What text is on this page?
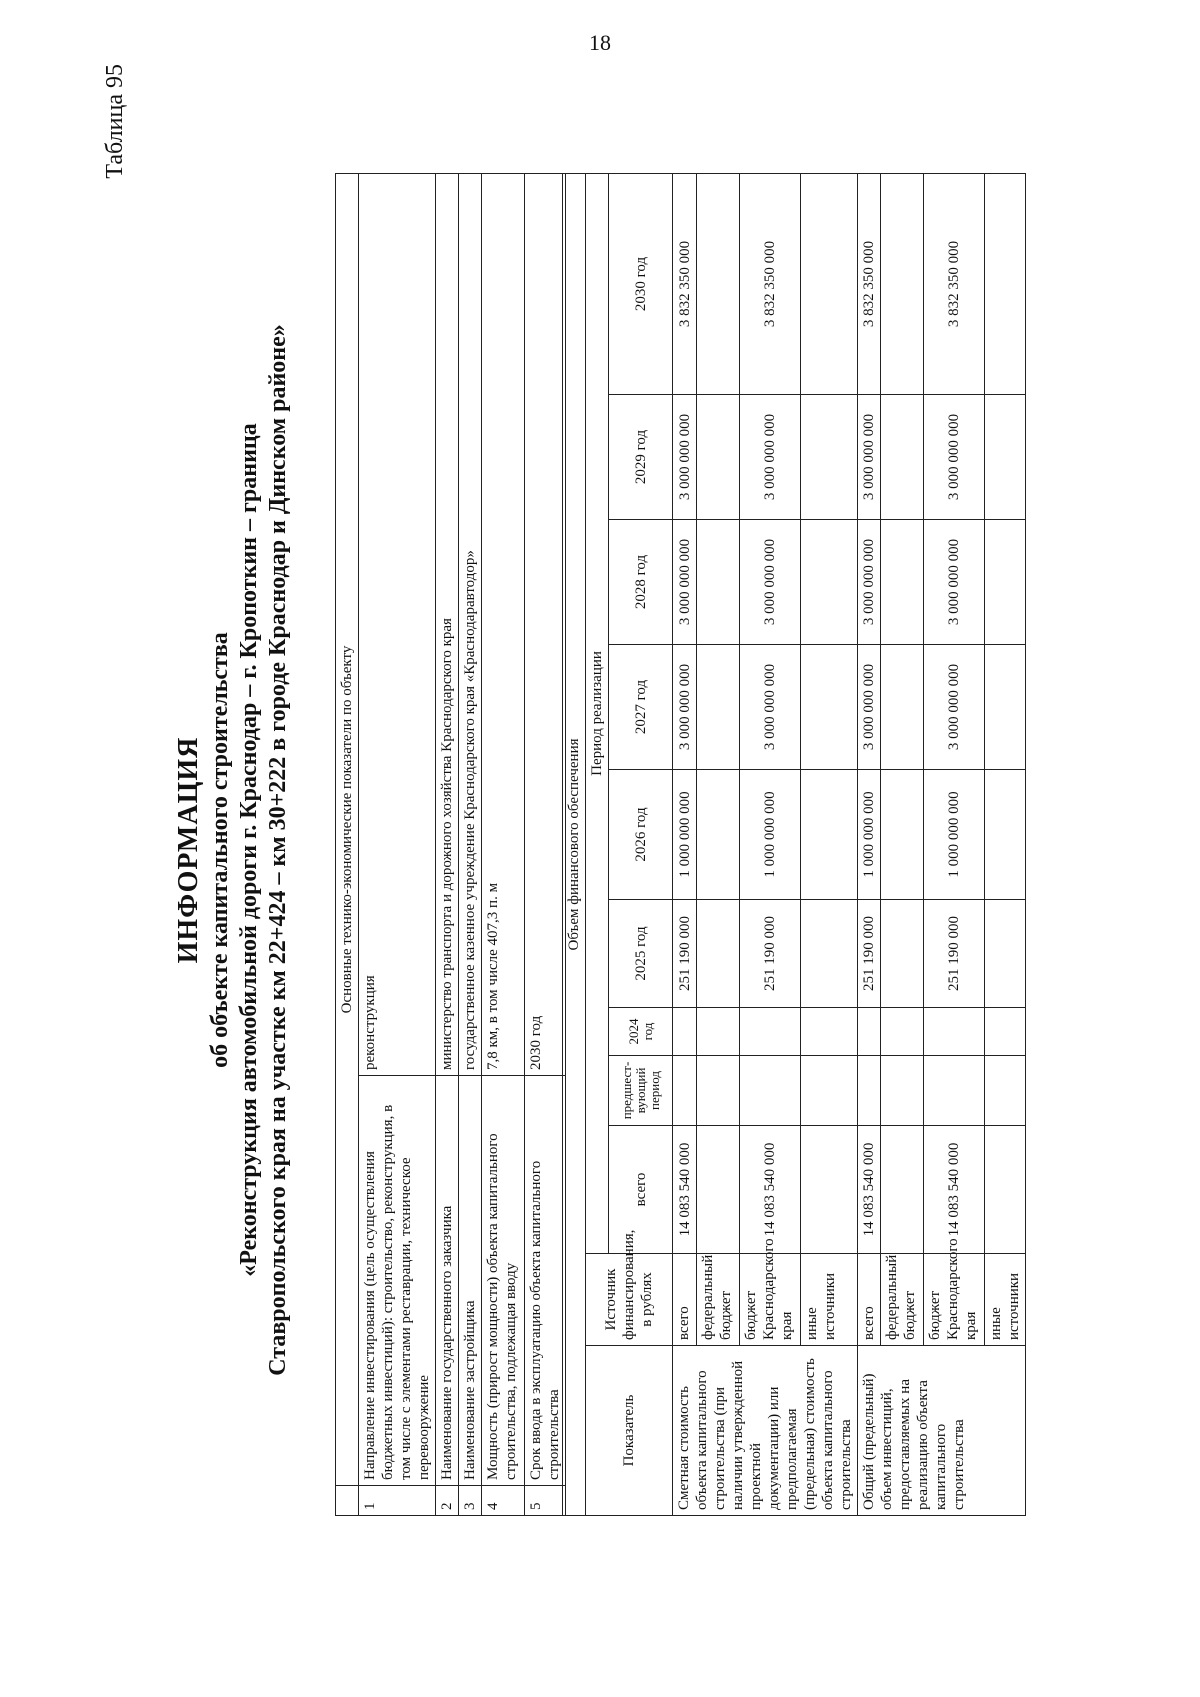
18
Таблица 95
ИНФОРМАЦИЯ об объекте капитального строительства «Реконструкция автомобильной дороги г. Краснодар – г. Кропоткин – граница Ставропольского края на участке км 22+424 – км 30+222 в городе Краснодар и Динском районе»
		Основные технико-экономические показатели по объекту	
1	Направление инвестирования (цель осуществления бюджетных инвестиций): строительство, реконструкция, в том числе с элементами реставрации, техническое перевооружение	реконструкция
2	Наименование государственного заказчика	министерство транспорта и дорожного хозяйства Краснодарского края
3	Наименование застройщика	государственное казенное учреждение Краснодарского края «Краснодаравтодор»
4	Мощность (прирост мощности) объекта капитального строительства, подлежащая вводу	7,8 км, в том числе 407,3 п. м
5	Срок ввода в эксплуатацию объекта капитального строительства	2030 год
Объем финансового обеспечения										
Показатель	Источник финансирования, в рублях	Период реализации								
		всего	предшест-вующий период	2024 год	2025 год	2026 год	2027 год	2028 год	2029 год	2030 год
Сметная стоимость объекта капитального строительства (при наличии утвержденной проектной документации) или предполагаемая (предельная) стоимость объекта капитального строительства	всего	14 083 540 000			251 190 000	1 000 000 000	3 000 000 000	3 000 000 000	3 000 000 000	3 832 350 000
	федеральный бюджет									
	бюджет Краснодарского края	14 083 540 000			251 190 000	1 000 000 000	3 000 000 000	3 000 000 000	3 000 000 000	3 832 350 000
	иные источники									
Общий (предельный) объем инвестиций, предоставляемых на реализацию объекта капитального строительства	всего	14 083 540 000			251 190 000	1 000 000 000	3 000 000 000	3 000 000 000	3 000 000 000	3 832 350 000
	федеральный бюджет									
	бюджет Краснодарского края	14 083 540 000			251 190 000	1 000 000 000	3 000 000 000	3 000 000 000	3 000 000 000	3 832 350 000
	иные источники									
